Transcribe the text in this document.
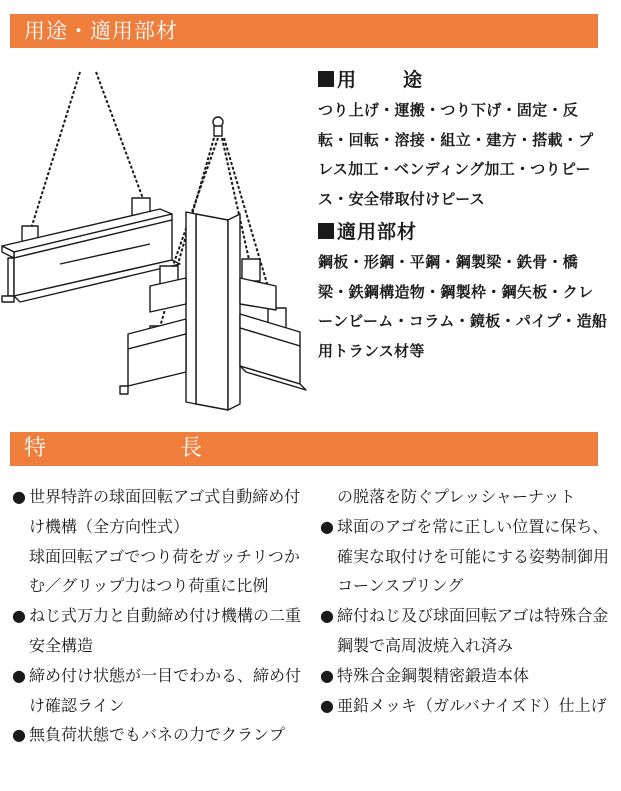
用途・適用部材

用 途

つり上げ・運搬・つり下げ・固定・反転・回転・溶接・組立・建方・搭載・プレス加工・ベンディング加工・つりピース・安全帯取付けピース

適用部材

鋼板・形鋼・平鋼・鋼製梁・鉄骨・橋梁・鉄鋼構造物・鋼製枠・鋼矢板・クレーンビーム・コラム・鏡板・パイプ・造船用トランス材等

特	長

● 世界特許の球面回転アゴ式自動締め付け機構（全方向性式）

球面回転アゴでつり荷をガッチリつかむ／グリップ力はつり荷重に比例

● ねじ式万力と自動締め付け機構の二重安全構造

● 締め付け状態が一目でわかる、締め付け確認ライン

● 無負荷状態でもバネの力でクランプ

の脱落を防ぐプレッシャーナット

● 球面のアゴを常に正しい位置に保ち、確実な取付けを可能にする姿勢制御用コーンスプリング

● 締付ねじ及び球面回転アゴは特殊合金鋼製で高周波焼入れ済み

● 特殊合金鋼製精密鍛造本体

● 亜鉛メッキ（ガルバナイズド）仕上げ
